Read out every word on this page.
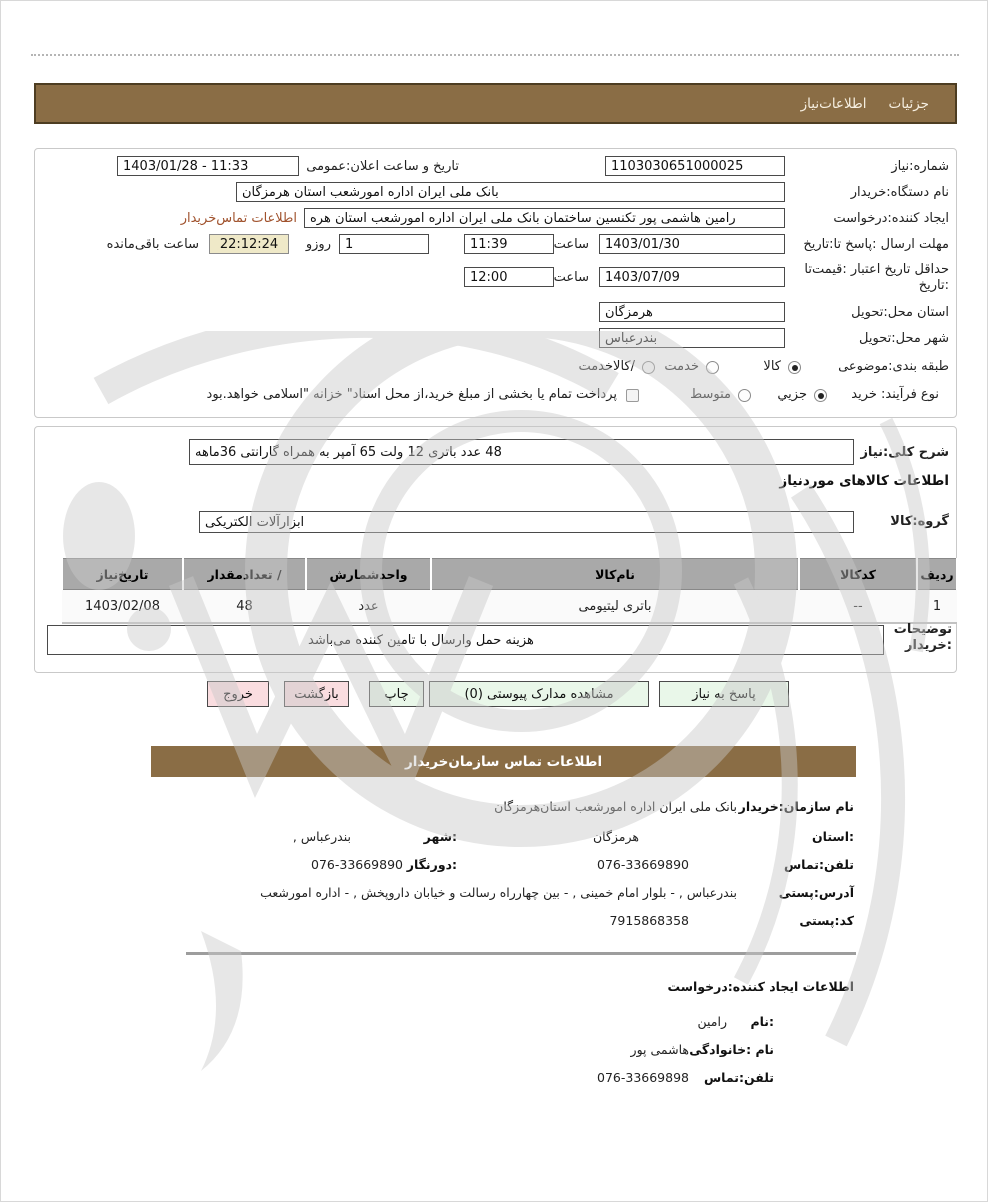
جزئیات
اطلاعات‌نیاز
شماره:نیاز
1103030651000025
تاریخ و ساعت اعلان:عمومی
1403/01/28 - 11:33
نام دستگاه:خریدار
بانک ملی ایران اداره امورشعب استان هرمزگان
ایجاد کننده:درخواست
رامین هاشمی پور تکنسین ساختمان بانک ملی ایران اداره امورشعب استان هره
اطلاعات تماس‌خریدار
مهلت ارسال :پاسخ تا:تاریخ
1403/01/30
ساعت
11:39
1
روزو
22:12:24
ساعت باقی‌مانده
حداقل تاریخ اعتبار :قیمت‌تا
:تاریخ
1403/07/09
ساعت
12:00
استان محل:تحویل
هرمزگان
شهر محل:تحویل
بندرعباس
طبقه بندی:موضوعی
کالا
خدمت
/کالاخدمت
نوع فرآیند: خرید
جزیي
متوسط
پرداخت تمام یا بخشی از مبلغ خرید،از محل اسناد" خزانه "اسلامی خواهد.بود
شرح کلی:نیاز
48 عدد باتری 12 ولت 65 آمپر به همراه گارانتی 36ماهه
اطلاعات کالاهای موردنیاز
گروه:کالا
ابزارآلات الکتریکی
ردیف	کدکالا	نام‌کالا	واحدشمارش	/ تعدادمقدار	تاریخ‌نیاز
1	--	باتری لیتیومی	عدد	48	1403/02/08
توضیحات
:خریدار
هزینه حمل وارسال با تامین کننده می‌باشد
پاسخ به نیاز
مشاهده مدارک پیوستی (0)
چاپ
بازگشت
خروج
اطلاعات تماس سازمان‌خریدار
نام سازمان:خریدار
بانک ملی ایران اداره امورشعب استان‌هرمزگان
:استان
هرمزگان
:شهر
بندرعباس ,
تلفن:تماس
076-33669890
:دورنگار
076-33669890
آدرس:پستی
بندرعباس , - بلوار امام خمینی , - بین چهارراه رسالت و خیابان داروپخش , - اداره امورشعب
کد:پستی
7915868358
اطلاعات ایجاد کننده:درخواست
:نام
رامین
نام :خانوادگی
هاشمی پور
تلفن:تماس
076-33669898
